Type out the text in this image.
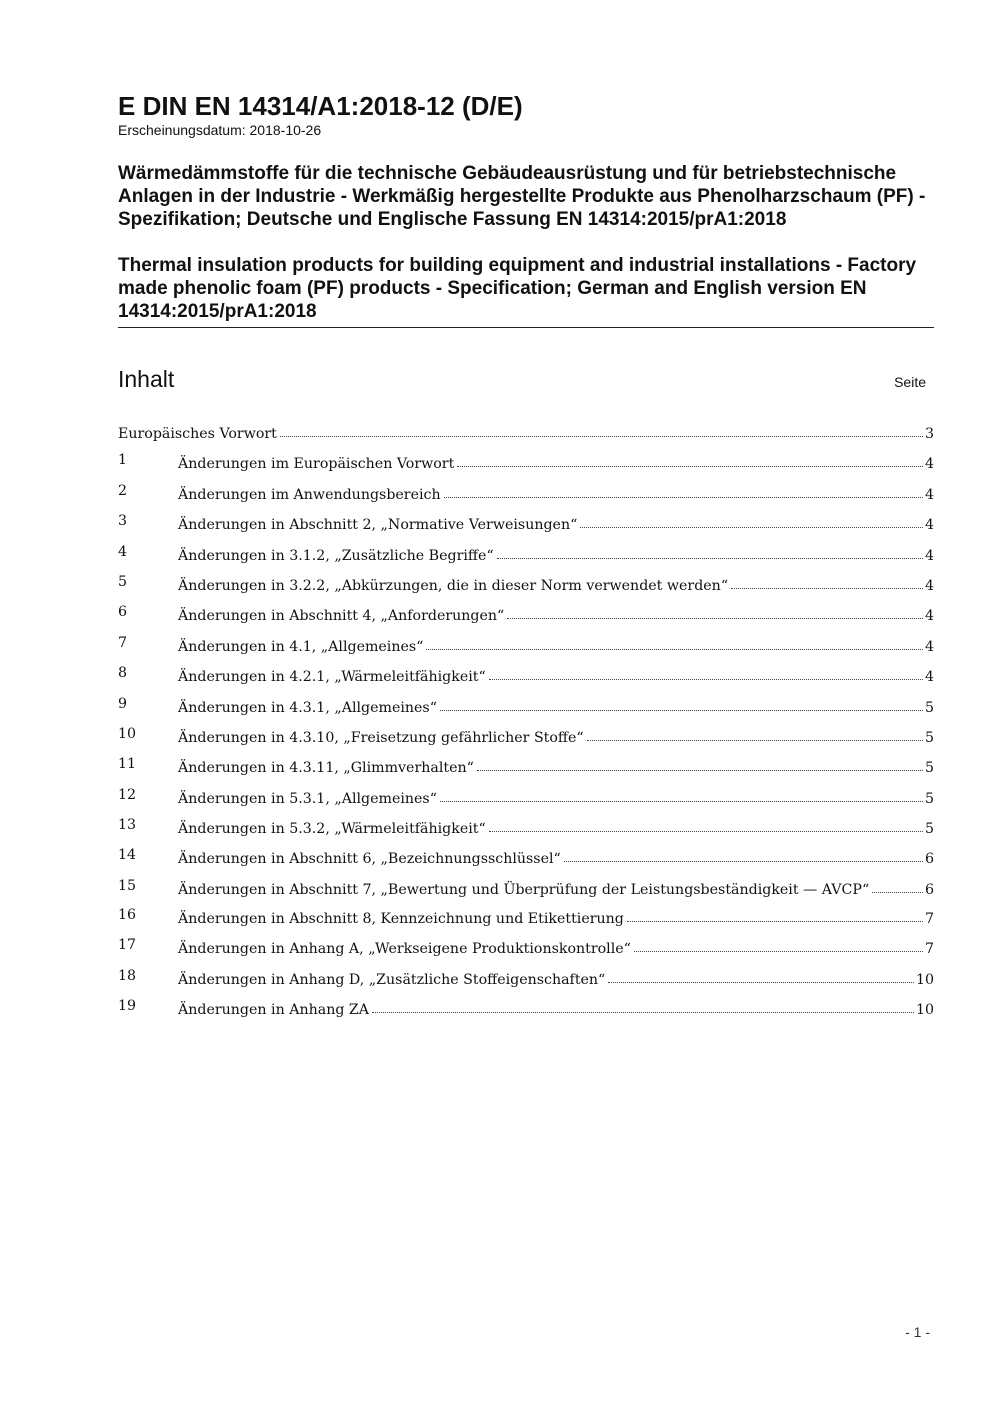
E DIN EN 14314/A1:2018-12 (D/E)
Erscheinungsdatum: 2018-10-26

Wärmedämmstoffe für die technische Gebäudeausrüstung und für betriebstechnische Anlagen in der Industrie - Werkmäßig hergestellte Produkte aus Phenolharzschaum (PF) - Spezifikation; Deutsche und Englische Fassung EN 14314:2015/prA1:2018

Thermal insulation products for building equipment and industrial installations - Factory made phenolic foam (PF) products - Specification; German and English version EN 14314:2015/prA1:2018

Inhalt	Seite
Europäisches Vorwort	3
1	Änderungen im Europäischen Vorwort	4
2	Änderungen im Anwendungsbereich	4
3	Änderungen in Abschnitt 2, „Normative Verweisungen“	4
4	Änderungen in 3.1.2, „Zusätzliche Begriffe“	4
5	Änderungen in 3.2.2, „Abkürzungen, die in dieser Norm verwendet werden“	4
6	Änderungen in Abschnitt 4, „Anforderungen“	4
7	Änderungen in 4.1, „Allgemeines“	4
8	Änderungen in 4.2.1, „Wärmeleitfähigkeit“	4
9	Änderungen in 4.3.1, „Allgemeines“	5
10	Änderungen in 4.3.10, „Freisetzung gefährlicher Stoffe“	5
11	Änderungen in 4.3.11, „Glimmverhalten“	5
12	Änderungen in 5.3.1, „Allgemeines“	5
13	Änderungen in 5.3.2, „Wärmeleitfähigkeit“	5
14	Änderungen in Abschnitt 6, „Bezeichnungsschlüssel“	6
15	Änderungen in Abschnitt 7, „Bewertung und Überprüfung der Leistungsbeständigkeit — AVCP“	6
16	Änderungen in Abschnitt 8, Kennzeichnung und Etikettierung	7
17	Änderungen in Anhang A, „Werkseigene Produktionskontrolle“	7
18	Änderungen in Anhang D, „Zusätzliche Stoffeigenschaften“	10
19	Änderungen in Anhang ZA	10
- 1 -
